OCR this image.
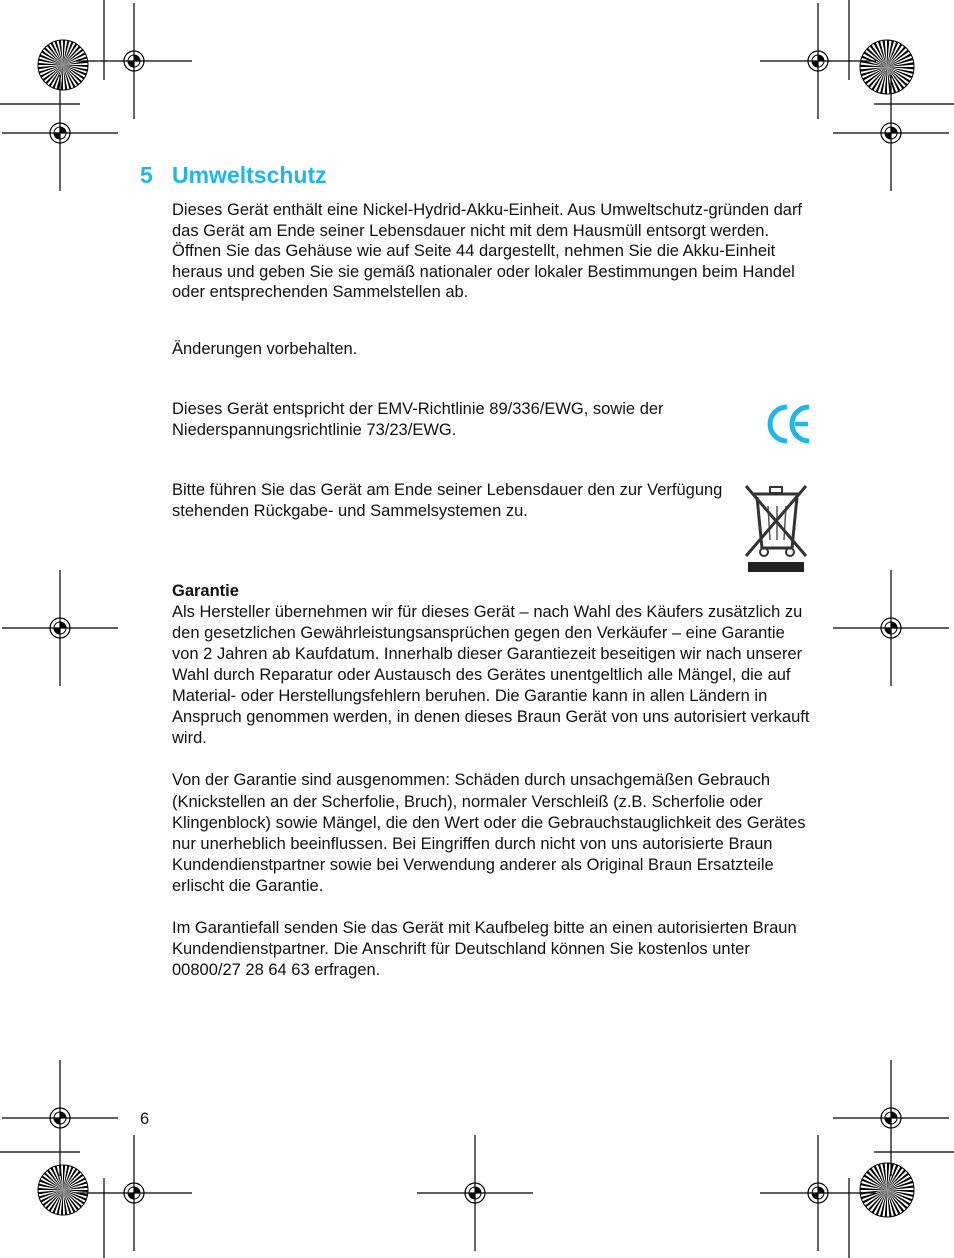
5 Umweltschutz

Dieses Gerät enthält eine Nickel-Hydrid-Akku-Einheit. Aus Umweltschutz-gründen darf das Gerät am Ende seiner Lebensdauer nicht mit dem Hausmüll entsorgt werden. Öffnen Sie das Gehäuse wie auf Seite 44 dargestellt, nehmen Sie die Akku-Einheit heraus und geben Sie sie gemäß nationaler oder lokaler Bestimmungen beim Handel oder entsprechenden Sammelstellen ab.

Änderungen vorbehalten.

Dieses Gerät entspricht der EMV-Richtlinie 89/336/EWG, sowie der Niederspannungsrichtlinie 73/23/EWG.

Bitte führen Sie das Gerät am Ende seiner Lebensdauer den zur Verfügung stehenden Rückgabe- und Sammelsystemen zu.

Garantie

Als Hersteller übernehmen wir für dieses Gerät – nach Wahl des Käufers zusätzlich zu den gesetzlichen Gewährleistungsansprüchen gegen den Verkäufer – eine Garantie von 2 Jahren ab Kaufdatum. Innerhalb dieser Garantiezeit beseitigen wir nach unserer Wahl durch Reparatur oder Austausch des Gerätes unentgeltlich alle Mängel, die auf Material- oder Herstellungsfehlern beruhen. Die Garantie kann in allen Ländern in Anspruch genommen werden, in denen dieses Braun Gerät von uns autorisiert verkauft wird.

Von der Garantie sind ausgenommen: Schäden durch unsachgemäßen Gebrauch (Knickstellen an der Scherfolie, Bruch), normaler Verschleiß (z.B. Scherfolie oder Klingenblock) sowie Mängel, die den Wert oder die Gebrauchstauglichkeit des Gerätes nur unerheblich beeinflussen. Bei Eingriffen durch nicht von uns autorisierte Braun Kundendienstpartner sowie bei Verwendung anderer als Original Braun Ersatzteile erlischt die Garantie.

Im Garantiefall senden Sie das Gerät mit Kaufbeleg bitte an einen autorisierten Braun Kundendienstpartner. Die Anschrift für Deutschland können Sie kostenlos unter 00800/27 28 64 63 erfragen.

6
